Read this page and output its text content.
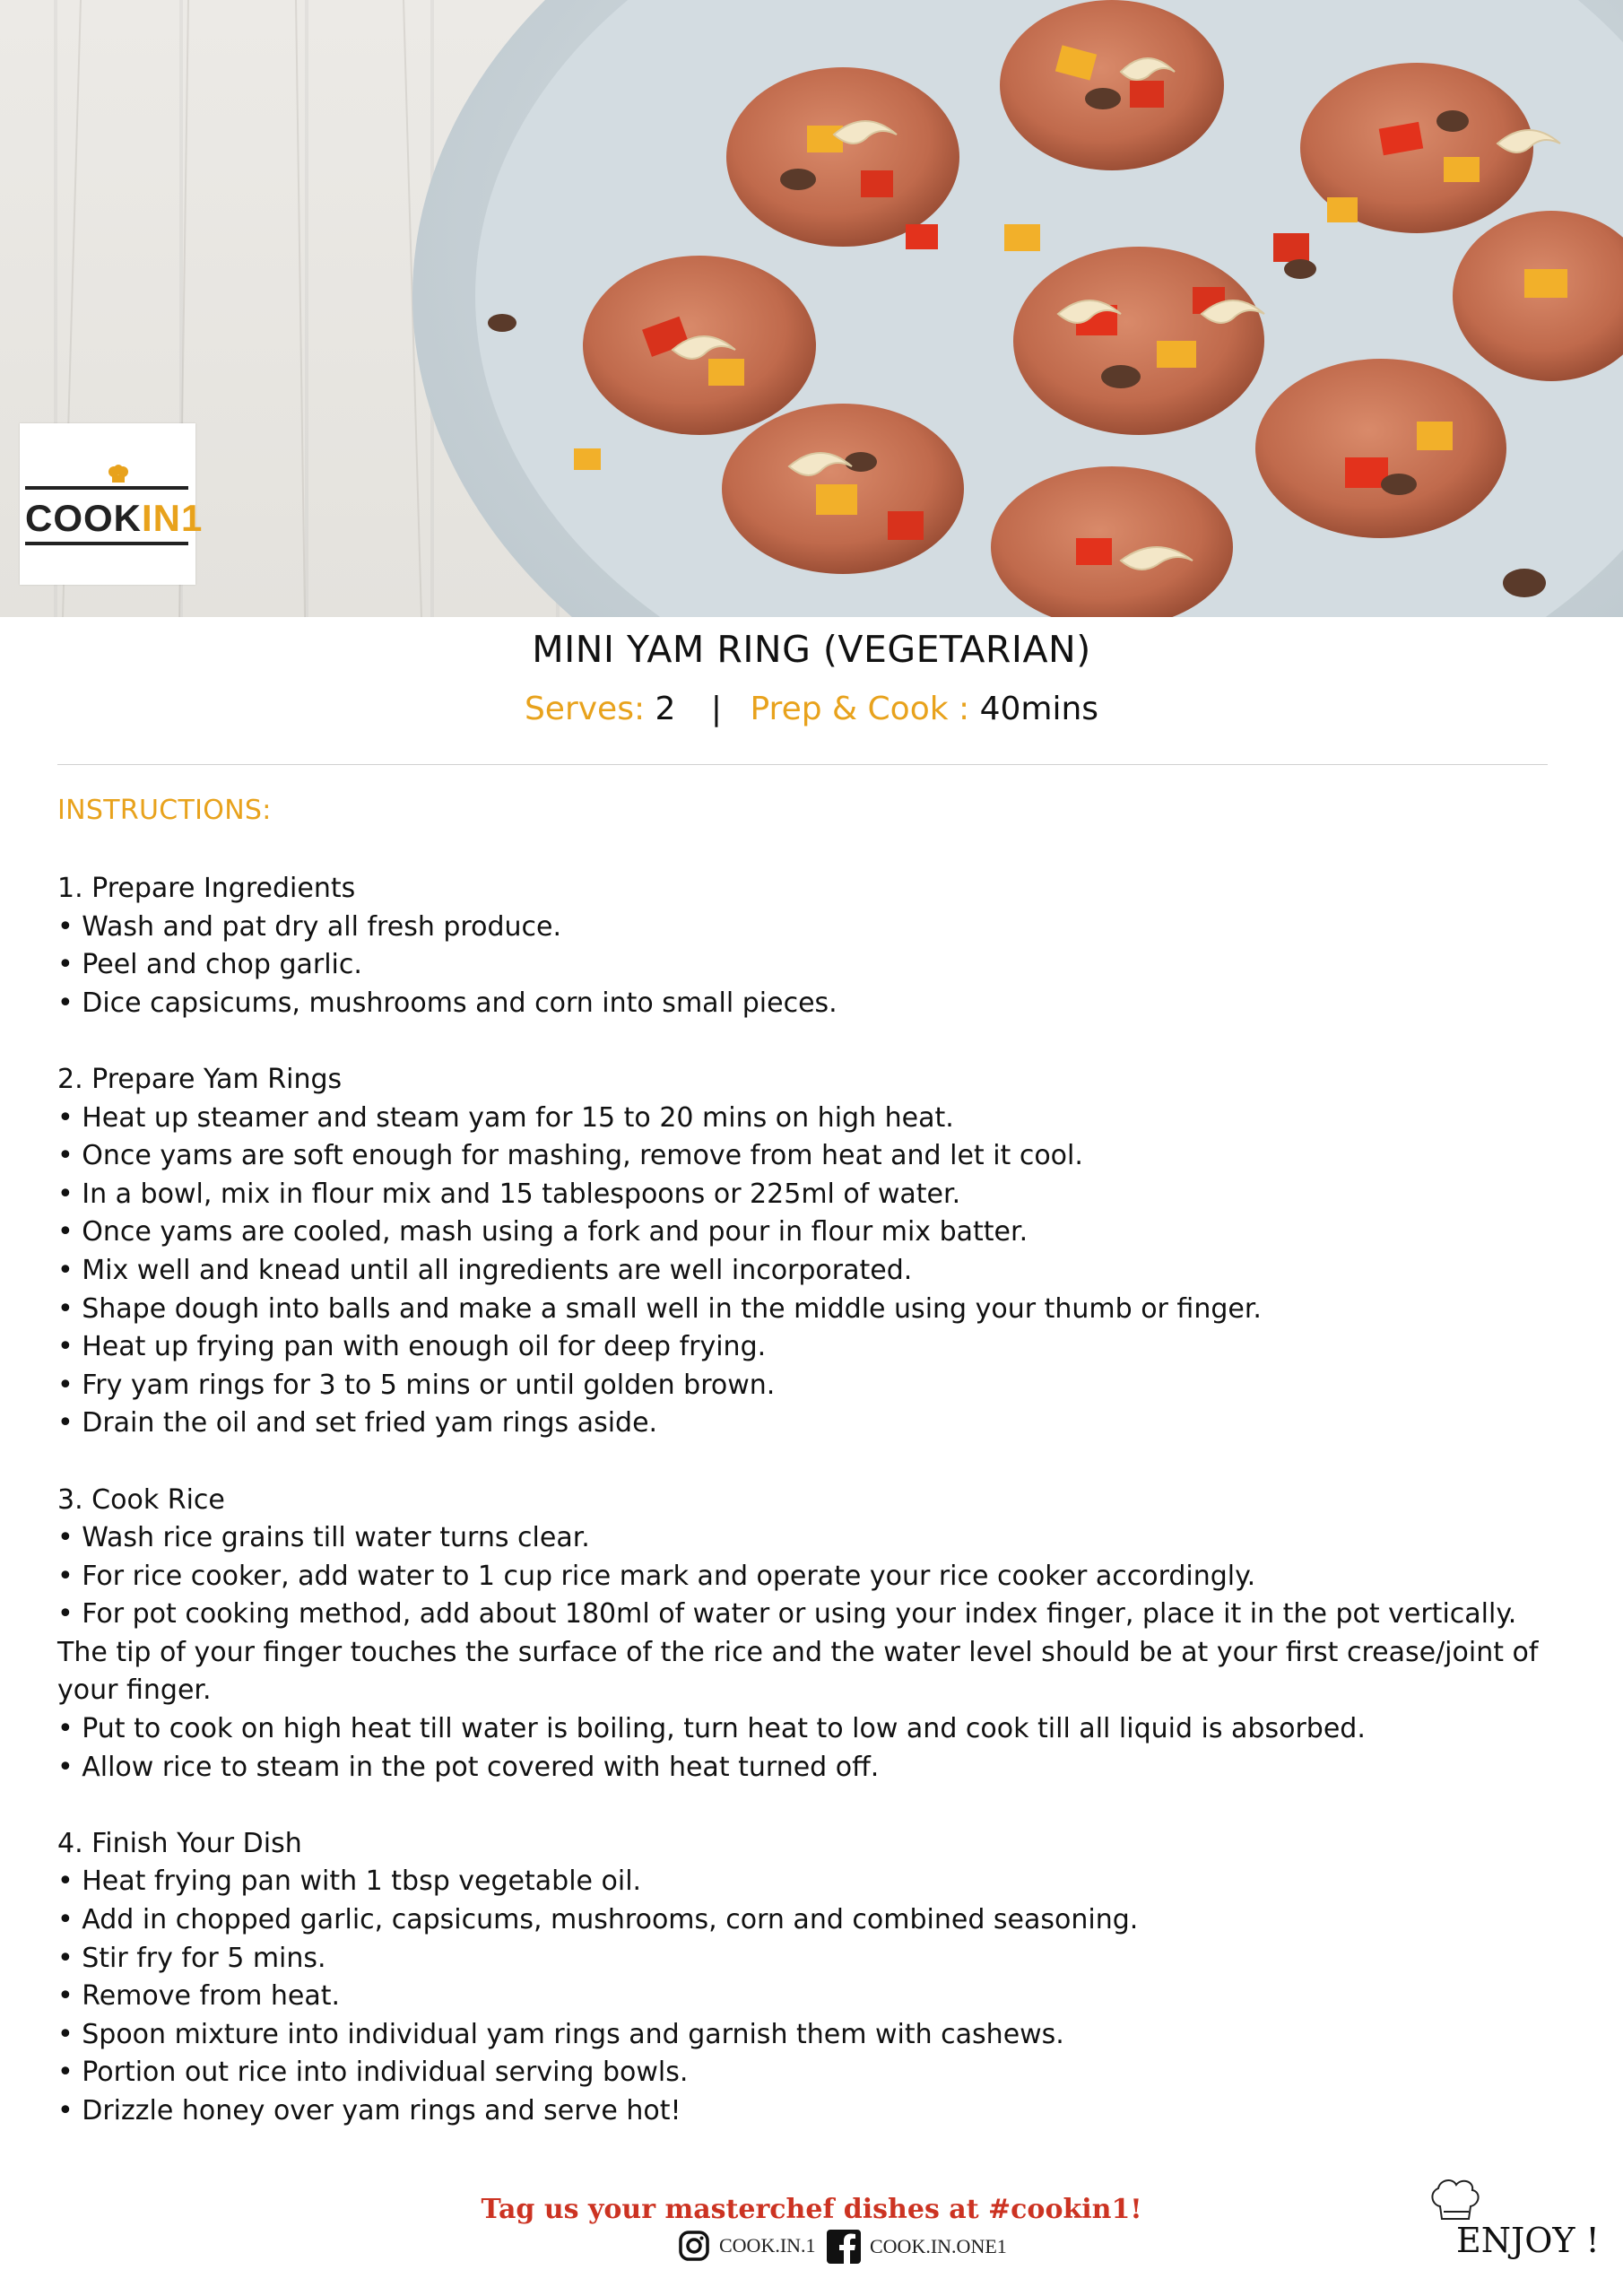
COOKIN1
MINI YAM RING (VEGETARIAN)
Serves: 2 | Prep & Cook : 40mins
INSTRUCTIONS:
1. Prepare Ingredients
• Wash and pat dry all fresh produce.
• Peel and chop garlic.
• Dice capsicums, mushrooms and corn into small pieces.
2. Prepare Yam Rings
• Heat up steamer and steam yam for 15 to 20 mins on high heat.
• Once yams are soft enough for mashing, remove from heat and let it cool.
• In a bowl, mix in flour mix and 15 tablespoons or 225ml of water.
• Once yams are cooled, mash using a fork and pour in flour mix batter.
• Mix well and knead until all ingredients are well incorporated.
• Shape dough into balls and make a small well in the middle using your thumb or finger.
• Heat up frying pan with enough oil for deep frying.
• Fry yam rings for 3 to 5 mins or until golden brown.
• Drain the oil and set fried yam rings aside.
3. Cook Rice
• Wash rice grains till water turns clear.
• For rice cooker, add water to 1 cup rice mark and operate your rice cooker accordingly.
• For pot cooking method, add about 180ml of water or using your index finger, place it in the pot vertically. The tip of your finger touches the surface of the rice and the water level should be at your first crease/joint of your finger.
• Put to cook on high heat till water is boiling, turn heat to low and cook till all liquid is absorbed.
• Allow rice to steam in the pot covered with heat turned off.
4. Finish Your Dish
• Heat frying pan with 1 tbsp vegetable oil.
• Add in chopped garlic, capsicums, mushrooms, corn and combined seasoning.
• Stir fry for 5 mins.
• Remove from heat.
• Spoon mixture into individual yam rings and garnish them with cashews.
• Portion out rice into individual serving bowls.
• Drizzle honey over yam rings and serve hot!
Tag us your masterchef dishes at #cookin1!
COOK.IN.1	COOK.IN.ONE1	ENJOY !
